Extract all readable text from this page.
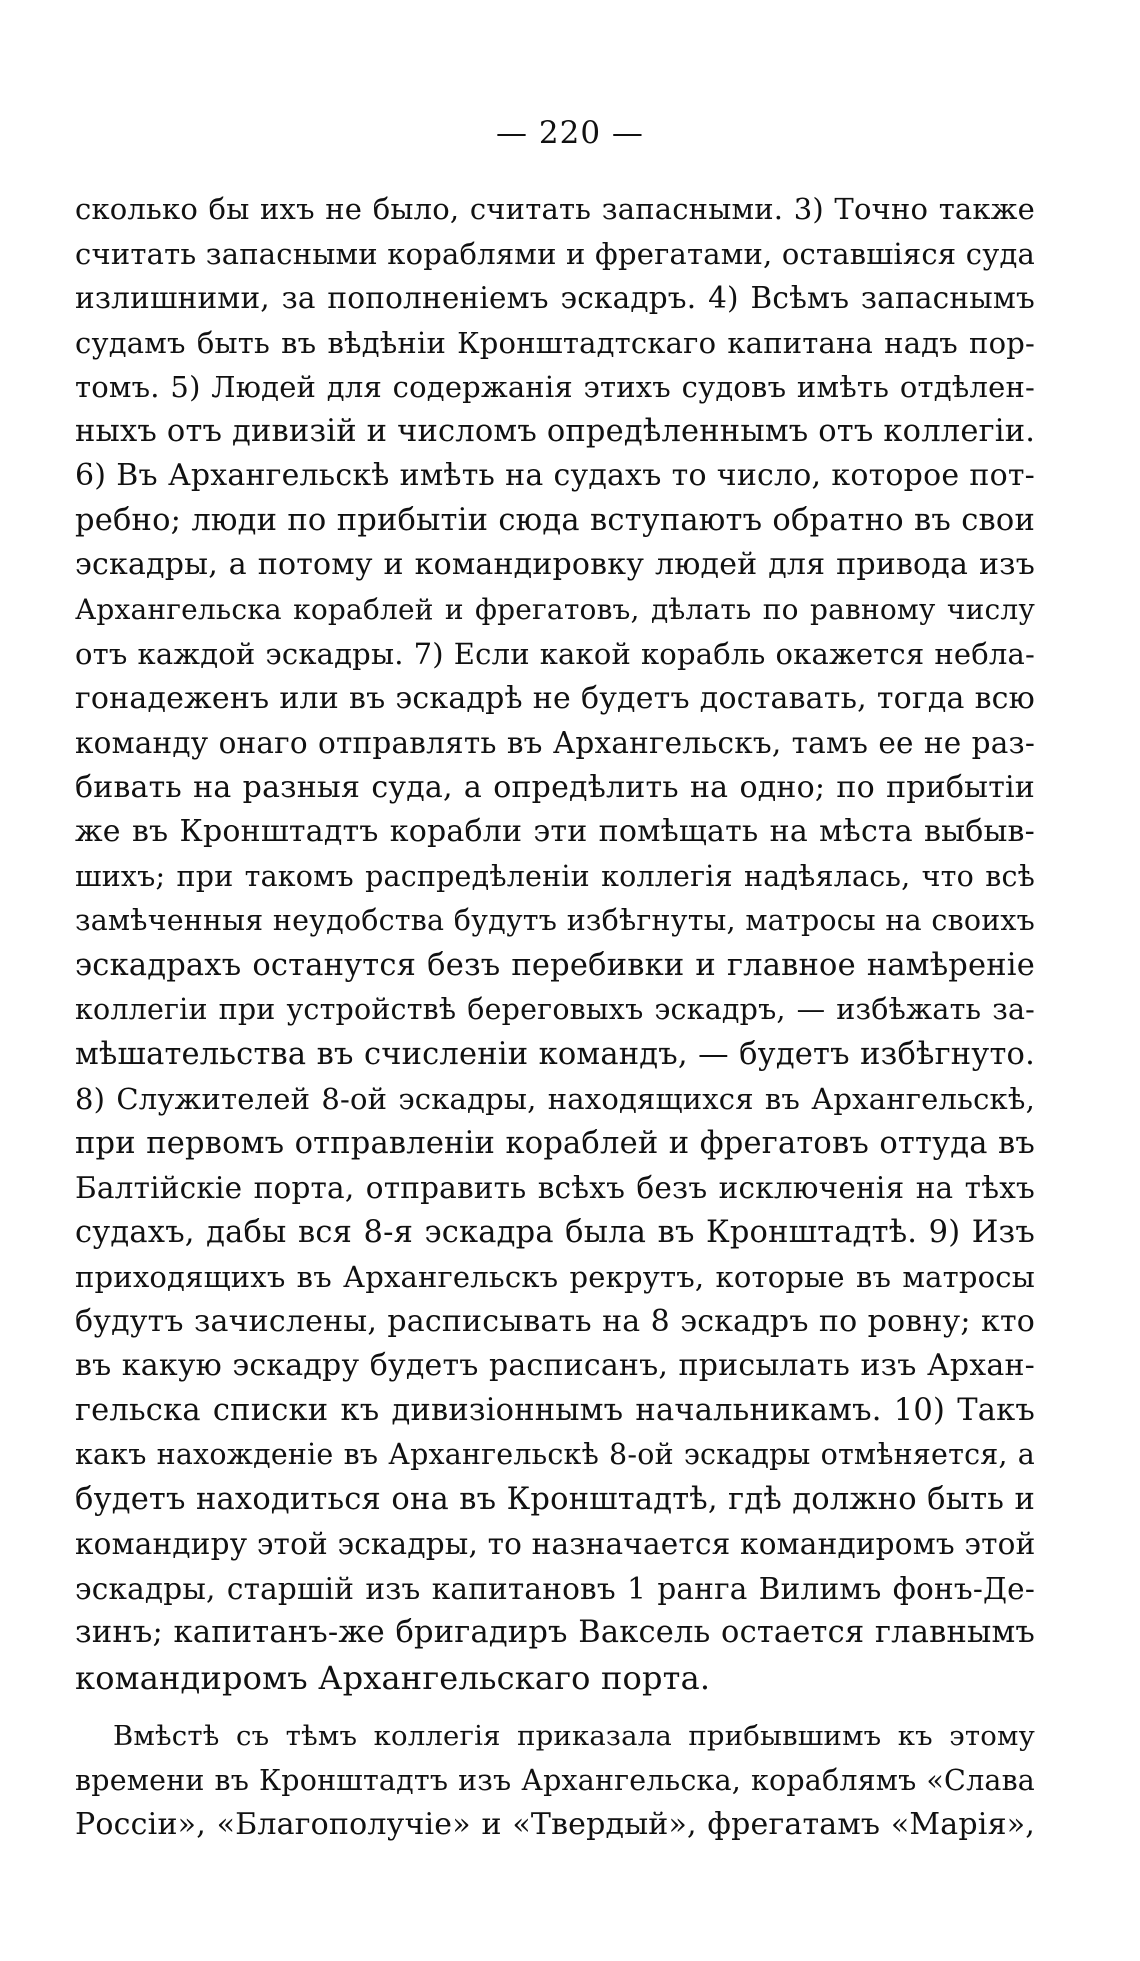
— 220 —
сколько бы ихъ не было, считать запасными. 3) Точно также
считать запасными кораблями и фрегатами, оставшiяся суда
излишними, за пополненiемъ эскадръ. 4) Всѣмъ запаснымъ
судамъ быть въ вѣдѣнiи Кронштадтскаго капитана надъ пор-
томъ. 5) Людей для содержанiя этихъ судовъ имѣть отдѣлен-
ныхъ отъ дивизiй и числомъ опредѣленнымъ отъ коллегiи.
6) Въ Архангельскѣ имѣть на судахъ то число, которое пот-
ребно; люди по прибытiи сюда вступаютъ обратно въ свои
эскадры, а потому и командировку людей для привода изъ
Архангельска кораблей и фрегатовъ, дѣлать по равному числу
отъ каждой эскадры. 7) Если какой корабль окажется небла-
гонадеженъ или въ эскадрѣ не будетъ доставать, тогда всю
команду онаго отправлять въ Архангельскъ, тамъ ее не раз-
бивать на разныя суда, а опредѣлить на одно; по прибытiи
же въ Кронштадтъ корабли эти помѣщать на мѣста выбыв-
шихъ; при такомъ распредѣленiи коллегiя надѣялась, что всѣ
замѣченныя неудобства будутъ избѣгнуты, матросы на своихъ
эскадрахъ останутся безъ перебивки и главное намѣренiе
коллегiи при устройствѣ береговыхъ эскадръ, — избѣжать за-
мѣшательства въ счисленiи командъ, — будетъ избѣгнуто.
8) Служителей 8-ой эскадры, находящихся въ Архангельскѣ,
при первомъ отправленiи кораблей и фрегатовъ оттуда въ
Балтiйскiе порта, отправить всѣхъ безъ исключенiя на тѣхъ
судахъ, дабы вся 8-я эскадра была въ Кронштадтѣ. 9) Изъ
приходящихъ въ Архангельскъ рекрутъ, которые въ матросы
будутъ зачислены, расписывать на 8 эскадръ по ровну; кто
въ какую эскадру будетъ расписанъ, присылать изъ Архан-
гельска списки къ дивизiоннымъ начальникамъ. 10) Такъ
какъ нахожденiе въ Архангельскѣ 8-ой эскадры отмѣняется, а
будетъ находиться она въ Кронштадтѣ, гдѣ должно быть и
командиру этой эскадры, то назначается командиромъ этой
эскадры, старшiй изъ капитановъ 1 ранга Вилимъ фонъ-Де-
зинъ; капитанъ-же бригадиръ Ваксель остается главнымъ
командиромъ Архангельскаго порта.
Вмѣстѣ съ тѣмъ коллегiя приказала прибывшимъ къ этому
времени въ Кронштадтъ изъ Архангельска, кораблямъ «Слава
Россiи», «Благополучiе» и «Твердый», фрегатамъ «Марiя»,
